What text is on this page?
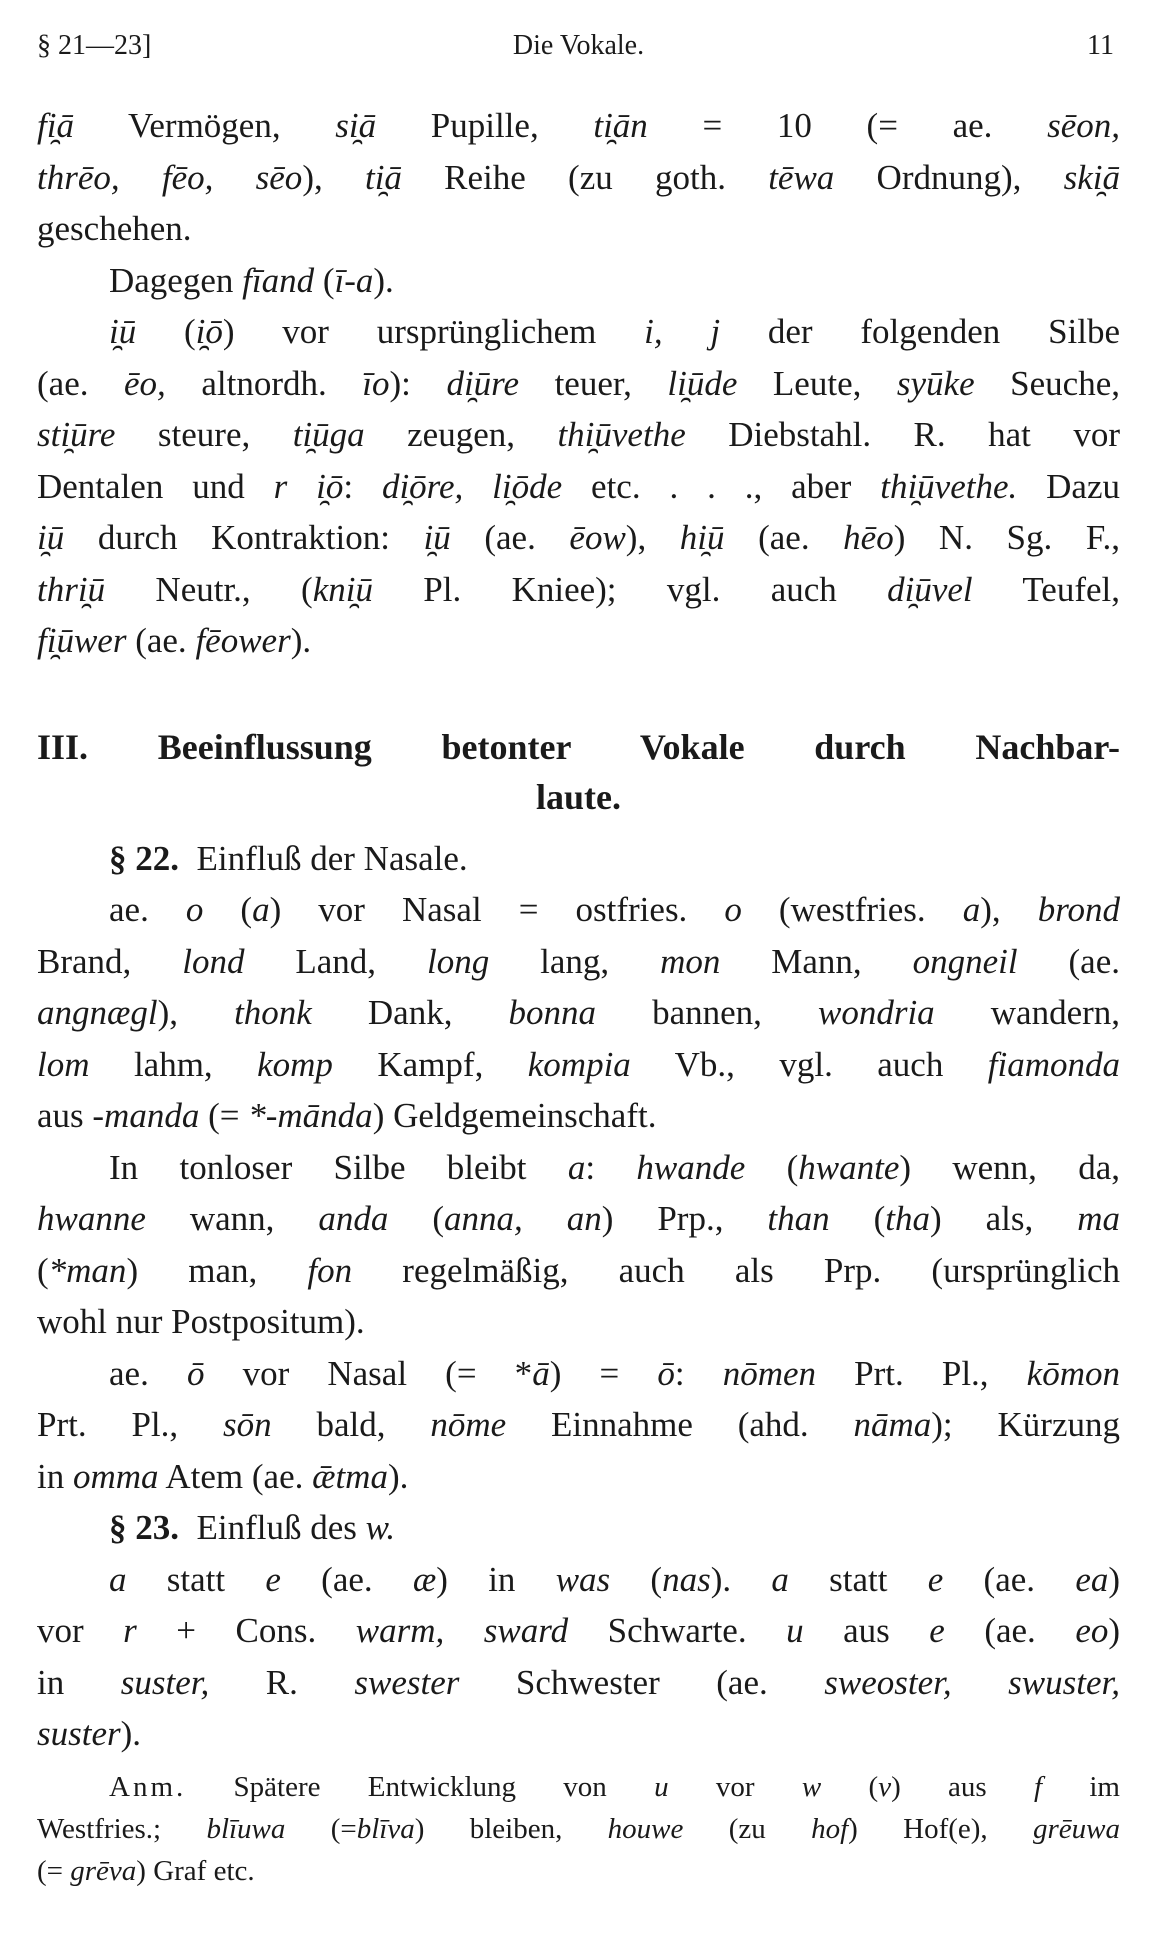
§ 21—23]	Die Vokale.	11
fi̯ā Vermögen, si̯ā Pupille, ti̯ān = 10 (= ae. sēon,
thrēo, fēo, sēo), ti̯ā Reihe (zu goth. tēwa Ordnung), ski̯ā
geschehen.
Dagegen fīand (ī-a).
i̯ū (i̯ō) vor ursprünglichem i, j der folgenden Silbe
(ae. ēo, altnordh. īo): di̯ūre teuer, li̯ūde Leute, syūke Seuche,
sti̯ūre steure, ti̯ūga zeugen, thi̯ūvethe Diebstahl. R. hat vor
Dentalen und r i̯ō: di̯ōre, li̯ōde etc. . . ., aber thi̯ūvethe. Dazu
i̯ū durch Kontraktion: i̯ū (ae. ēow), hi̯ū (ae. hēo) N. Sg. F.,
thri̯ū Neutr., (kni̯ū Pl. Kniee); vgl. auch di̯ūvel Teufel,
fi̯ūwer (ae. fēower).
III. Beeinflussung betonter Vokale durch Nachbar-
laute.
§ 22. Einfluß der Nasale.
ae. o (a) vor Nasal = ostfries. o (westfries. a), brond
Brand, lond Land, long lang, mon Mann, ongneil (ae.
angnægl), thonk Dank, bonna bannen, wondria wandern,
lom lahm, komp Kampf, kompia Vb., vgl. auch fiamonda
aus -manda (= *-mānda) Geldgemeinschaft.
In tonloser Silbe bleibt a: hwande (hwante) wenn, da,
hwanne wann, anda (anna, an) Prp., than (tha) als, ma
(*man) man, fon regelmäßig, auch als Prp. (ursprünglich
wohl nur Postpositum).
ae. ō vor Nasal (= *ā) = ō: nōmen Prt. Pl., kōmon
Prt. Pl., sōn bald, nōme Einnahme (ahd. nāma); Kürzung
in omma Atem (ae. ǣtma).
§ 23. Einfluß des w.
a statt e (ae. æ) in was (nas). a statt e (ae. ea)
vor r + Cons. warm, sward Schwarte. u aus e (ae. eo)
in suster, R. swester Schwester (ae. sweoster, swuster,
suster).
Anm. Spätere Entwicklung von u vor w (v) aus f im
Westfries.; blīuwa (=blīva) bleiben, houwe (zu hof) Hof(e), grēuwa
(= grēva) Graf etc.
